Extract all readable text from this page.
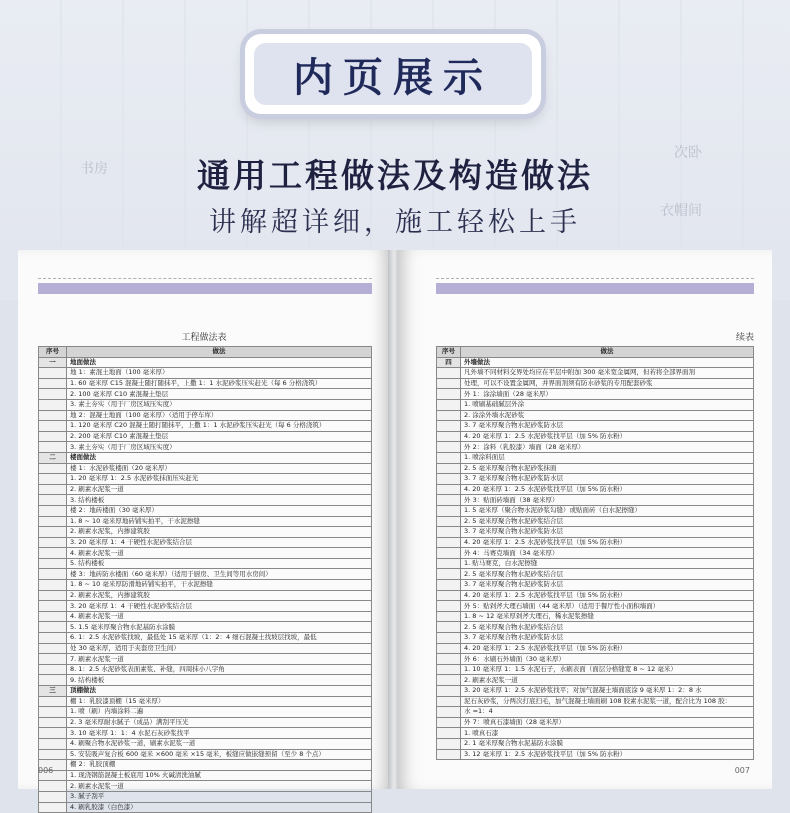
书房
次卧
衣帽间
内页展示
通用工程做法及构造做法
讲解超详细，施工轻松上手
工程做法表
序号	做法
一	地面做法
	地 1：素混土地面（100 毫米厚）
	1. 60 毫米厚 C15 混凝土随打随抹平，上撒 1：1 水泥砂浆压实赶光（每 6 分格浇筑）
	2. 100 毫米厚 C10 素混凝土垫层
	3. 素土夯实（用于厂房区域压实度）
	地 2：混凝土地面（100 毫米厚）（适用于停车库）
	1. 120 毫米厚 C20 混凝土随打随抹平，上撒 1：1 水泥砂浆压实赶光（每 6 分格浇筑）
	2. 200 毫米厚 C10 素混凝土垫层
	3. 素土夯实（用于厂房区域压实度）
二	楼面做法
	楼 1：水泥砂浆楼面（20 毫米厚）
	1. 20 毫米厚 1：2.5 水泥砂浆抹面压实赶光
	2. 刷素水泥浆一道
	3. 结构楼板
	楼 2：地砖楼面（30 毫米厚）
	1. 8 ~ 10 毫米厚地砖铺实拍平，干水泥擦缝
	2. 刷素水泥浆，内掺建筑胶
	3. 20 毫米厚 1：4 干硬性水泥砂浆结合层
	4. 刷素水泥浆一道
	5. 结构楼板
	楼 3：地砖防水楼面（60 毫米厚）（适用于厨房、卫生间等用水房间）
	1. 8 ~ 10 毫米厚防滑地砖铺实拍平，干水泥擦缝
	2. 刷素水泥浆，内掺建筑胶
	3. 20 毫米厚 1：4 干硬性水泥砂浆结合层
	4. 刷素水泥浆一道
	5. 1.5 毫米厚聚合物水泥基防水涂膜
	6. 1：2.5 水泥砂浆找坡，最低处 15 毫米厚（1：2：4 细石混凝土找坡层找坡，最低
	处 30 毫米厚，适用于夹套房卫生间）
	7. 刷素水泥浆一道
	8. 1：2.5 水泥砂浆表面素浆、补缝，四周抹小八字角
	9. 结构楼板
三	顶棚做法
	棚 1：乳胶漆顶棚（15 毫米厚）
	1. 喷（刷）内墙涂料二遍
	2. 3 毫米厚耐水腻子（成品）满刮平压光
	3. 10 毫米厚 1：1：4 水泥石灰砂浆找平
	4. 刷聚合物水泥砂浆一道，刷素水泥浆一道
	5. 安装吸声复合板 600 毫米 ×600 毫米 ×15 毫米，板缝应做嵌缝预留（至少 8 个点）
	棚 2：乳胶顶棚
	1. 现浇钢筋混凝土板底用 10% 火碱清洗油腻
	2. 刷素水泥浆一道
	3. 腻子刮平
	4. 刷乳胶漆（白色漆）
006
续表
序号	做法
四	外墙做法
	凡外墙不同材料交界处均应在平层中附加 300 毫米宽金属网，但若将全部界面剂
	处理，可以不设置金属网，并界面剂须有防水砂浆的专用配套砂浆
	外 1：涂涂墙面（28 毫米厚）
	1. 喷刷基础腻层外涂
	2. 涂涂外墙水泥砂浆
	3. 7 毫米厚聚合物水泥砂浆防水层
	4. 20 毫米厚 1：2.5 水泥砂浆找平层（加 5% 防水粉）
	外 2：涂料（乳胶漆）墙面（28 毫米厚）
	1. 喷涂料面层
	2. 5 毫米厚聚合物水泥砂浆抹面
	3. 7 毫米厚聚合物水泥砂浆防水层
	4. 20 毫米厚 1：2.5 水泥砂浆找平层（加 5% 防水粉）
	外 3：贴面砖墙面（38 毫米厚）
	1. 5 毫米厚（聚合物水泥砂浆勾缝）或贴面砖（白水泥擦缝）
	2. 5 毫米厚聚合物水泥砂浆结合层
	3. 7 毫米厚聚合物水泥砂浆防水层
	4. 20 毫米厚 1：2.5 水泥砂浆找平层（加 5% 防水粉）
	外 4：马赛克墙面（34 毫米厚）
	1. 贴马赛克，白水泥擦缝
	2. 5 毫米厚聚合物水泥砂浆结合层
	3. 7 毫米厚聚合物水泥砂浆防水层
	4. 20 毫米厚 1：2.5 水泥砂浆找平层（加 5% 防水粉）
	外 5：贴剁斧大理石墙面（44 毫米厚）（适用于餐厅性小面积墙面）
	1. 8 ~ 12 毫米厚剁斧大理石，稀水泥浆擦缝
	2. 5 毫米厚聚合物水泥砂浆结合层
	3. 7 毫米厚聚合物水泥砂浆防水层
	4. 20 毫米厚 1：2.5 水泥砂浆找平层（加 5% 防水粉）
	外 6：水刷石外墙面（30 毫米厚）
	1. 10 毫米厚 1：1.5 水泥石子，水刷表面（面层分格缝宽 8 ~ 12 毫米）
	2. 刷素水泥浆一道
	3. 20 毫米厚 1：2.5 水泥砂浆找平；对加气混凝土墙面底涂 9 毫米厚 1：2：8 水
	泥石灰砂浆，分两次打底扫毛，加气混凝土墙面刷 108 胶素水泥浆一道，配合比为 108 胶：
	水 =1：4
	外 7：喷真石漆墙面（28 毫米厚）
	1. 喷真石漆
	2. 1 毫米厚聚合物水泥基防水涂膜
	3. 12 毫米厚 1：2.5 水泥砂浆找平层（加 5% 防水粉）
007
